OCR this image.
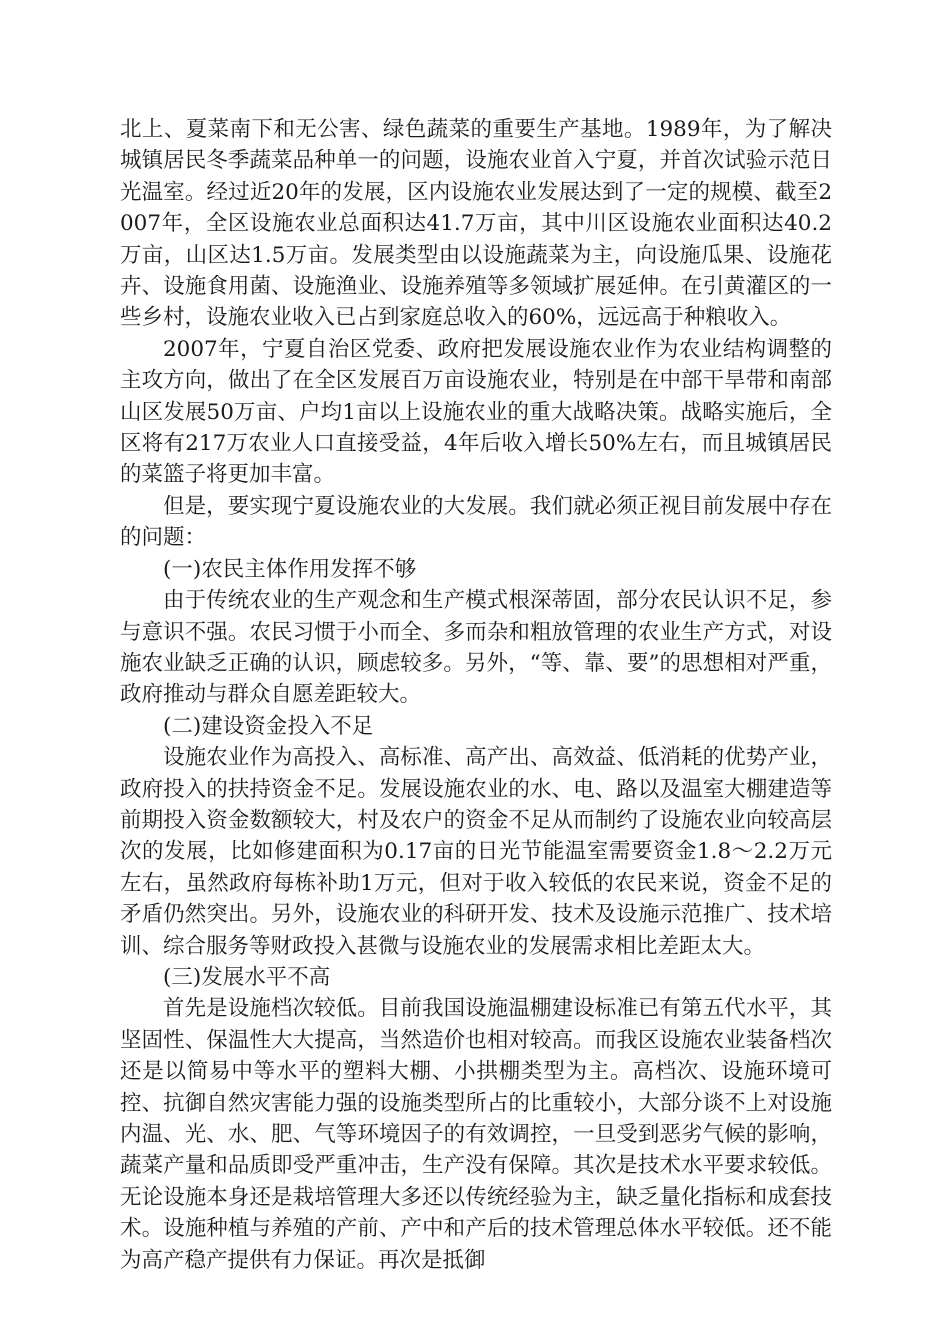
北上、夏菜南下和无公害、绿色蔬菜的重要生产基地。1989年，为了解决城镇居民冬季蔬菜品种单一的问题，设施农业首入宁夏，并首次试验示范日光温室。经过近20年的发展，区内设施农业发展达到了一定的规模、截至2007年，全区设施农业总面积达41.7万亩，其中川区设施农业面积达40.2万亩，山区达1.5万亩。发展类型由以设施蔬菜为主，向设施瓜果、设施花卉、设施食用菌、设施渔业、设施养殖等多领域扩展延伸。在引黄灌区的一些乡村，设施农业收入已占到家庭总收入的60%，远远高于种粮收入。

2007年，宁夏自治区党委、政府把发展设施农业作为农业结构调整的主攻方向，做出了在全区发展百万亩设施农业，特别是在中部干旱带和南部山区发展50万亩、户均1亩以上设施农业的重大战略决策。战略实施后，全区将有217万农业人口直接受益，4年后收入增长50%左右，而且城镇居民的菜篮子将更加丰富。

但是，要实现宁夏设施农业的大发展。我们就必须正视目前发展中存在的问题：

(一)农民主体作用发挥不够

由于传统农业的生产观念和生产模式根深蒂固，部分农民认识不足，参与意识不强。农民习惯于小而全、多而杂和粗放管理的农业生产方式，对设施农业缺乏正确的认识，顾虑较多。另外，“等、靠、要”的思想相对严重，政府推动与群众自愿差距较大。

(二)建设资金投入不足

设施农业作为高投入、高标准、高产出、高效益、低消耗的优势产业，政府投入的扶持资金不足。发展设施农业的水、电、路以及温室大棚建造等前期投入资金数额较大，村及农户的资金不足从而制约了设施农业向较高层次的发展，比如修建面积为0.17亩的日光节能温室需要资金1.8～2.2万元左右，虽然政府每栋补助1万元，但对于收入较低的农民来说，资金不足的矛盾仍然突出。另外，设施农业的科研开发、技术及设施示范推广、技术培训、综合服务等财政投入甚微与设施农业的发展需求相比差距太大。

(三)发展水平不高

首先是设施档次较低。目前我国设施温棚建设标准已有第五代水平，其坚固性、保温性大大提高，当然造价也相对较高。而我区设施农业装备档次还是以简易中等水平的塑料大棚、小拱棚类型为主。高档次、设施环境可控、抗御自然灾害能力强的设施类型所占的比重较小，大部分谈不上对设施内温、光、水、肥、气等环境因子的有效调控，一旦受到恶劣气候的影响，蔬菜产量和品质即受严重冲击，生产没有保障。其次是技术水平要求较低。无论设施本身还是栽培管理大多还以传统经验为主，缺乏量化指标和成套技术。设施种植与养殖的产前、产中和产后的技术管理总体水平较低。还不能为高产稳产提供有力保证。再次是抵御
